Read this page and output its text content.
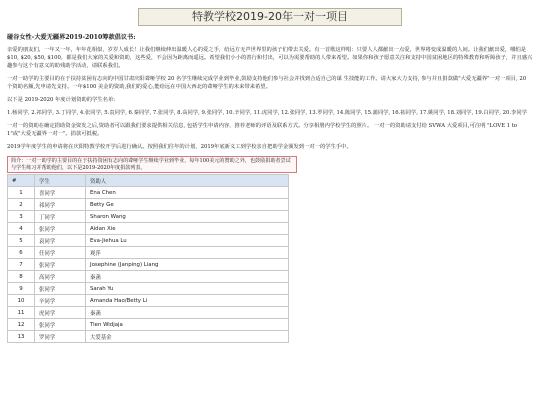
特教学校2019-20年一对一项目
碰谷女性-大爱无疆界2019-2010筹款倡议书:

亲爱的朋友们，一年又一年，年年花相似，岁岁人成长！让我们继续伸出温暖人心的爱之手，给远方无声世界里的孩子们带去关爱。有一首歌这样唱：只要人人都献出一点爱，世界将变成温暖的人间。让我们献出爱，哪怕是$10, $20, $50, $100，都是我们大家的关爱和资助，这些爱，不会因为距离而遥远。希望我们小小的善行和付出，可以为需要帮助的人带来希望。如果你和孩子愿意关注和支持中国贫困地区的特殊教育和听障孩子，并且感兴趣参与这个有意义的助残助学活动，请联系我们。

一对一助学的主要目的在于扶持贫困有志向的中国甘肃庆阳聋哑学校 20 名学生继续完成学业到毕业,鼓励支持他们参与社会并找到合适自己的谋 生技能的工作。请大家大力支持, 参与并且捐款做"大爱无疆界"一对一项目, 20 个资助名额,先申请先支持。一年$100 美金的资助,我们的爱心,能给远在中国大西北的聋哑学生的未来带来希望。

以下是 2019-2020 年度计划资助的学生名单:

1.杨同学, 2.祁同学, 3.丁同学, 4.张同学, 5.袁同学, 6.秦同学, 7.张同学, 8.高同学, 9.张同学, 10.辛同学, 11.虎同学, 12.张同学, 13.罗同学, 14.陈同学, 15.蒲同学, 16.拓同学, 17.姚同学, 18.刘同学, 19.白同学, 20.李同学

一对一的资助在确定捐助资金资发之后,资助者可以跟我们要求提供相关信息, 包括学生申请内容，推荐老师的评语及联系方式。分享相册内学校学生的照片。 一对一的资助请支付给 SVWA 大爱项目,可注明 "LOVE 1 to 1"或"大爱无疆界一对一"。捐款可抵税。

2019学年度学生的申请将在庆阳特教学校开学后进行确认。按照我们往年的计划，2019年底新义工到学校亲自把助学金颁发到一对一的学生手中。

简介：一对一助学的主要目的在于扶持资困有志向的聋哑学生继续学业到毕业，每年100美元的赞助之外，也鼓励捐助者尝试与学生练习并帮助他们，以下是2019-2020年度捐款列表。
#	学生	资助人
1	喜同学	Ena Chen
2	祁同学	Betty Ge
3	丁同学	Sharon Wang
4	张同学	Aidan Xie
5	袁同学	Eva-Jiehua Lu
6	任同学	观萍
7	张同学	Josephine (Janping) Liang
8	高同学	秦菡
9	张同学	Sarah Yu
10	辛同学	Amanda Hao/Betty Li
11	虎同学	秦菡
12	张同学	Tien Widjaja
13	罗同学	大爱基金
